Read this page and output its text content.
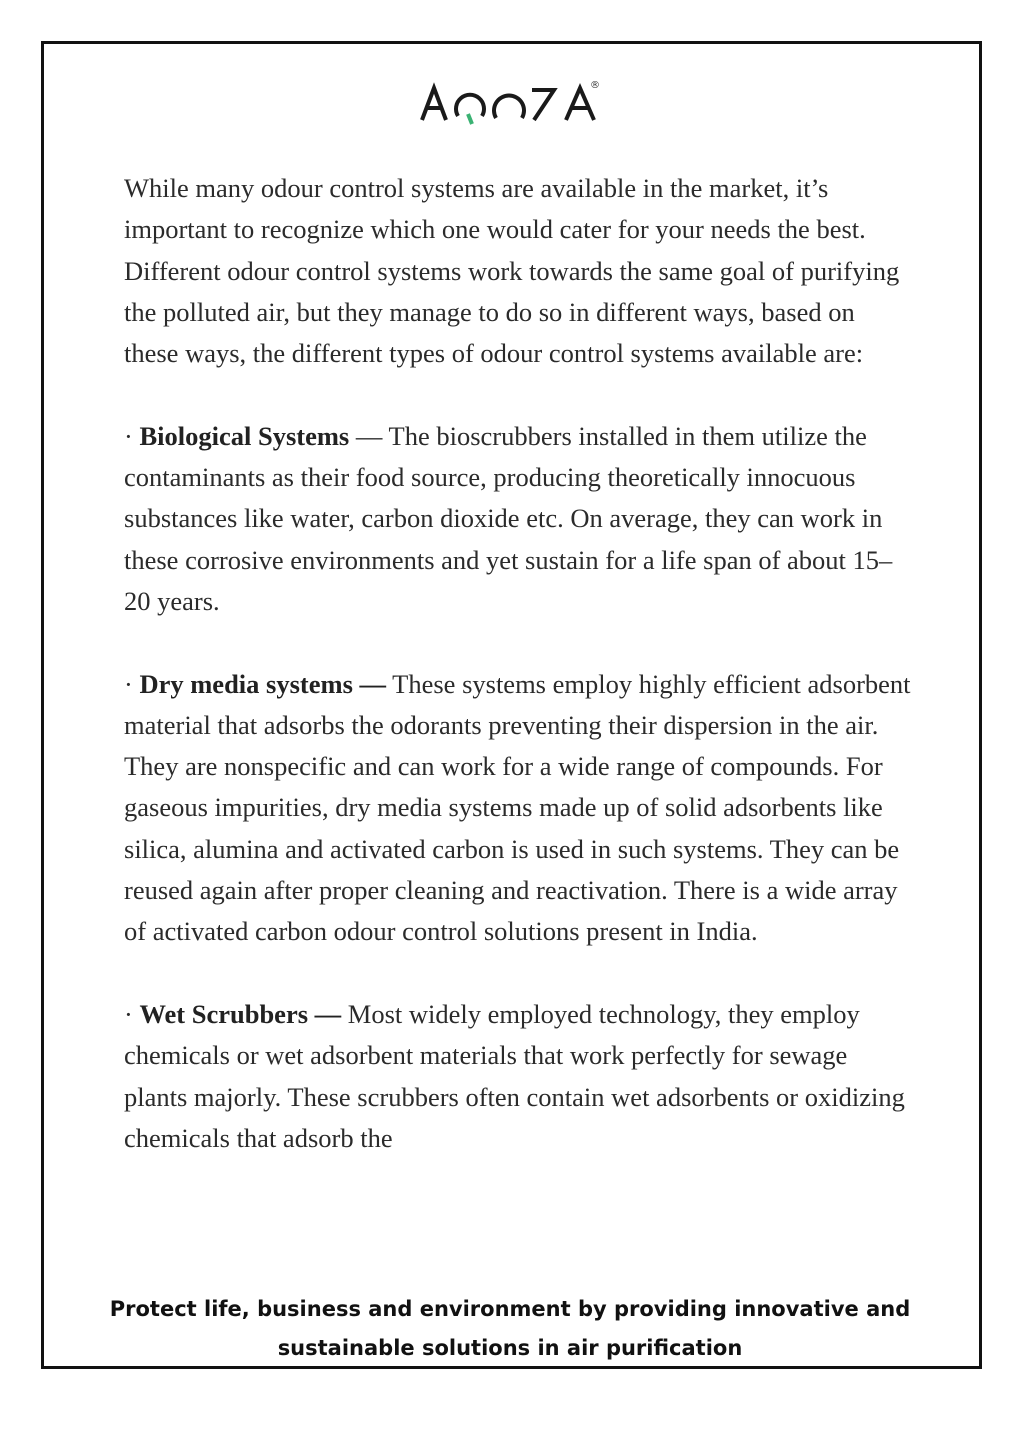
®

While many odour control systems are available in the market, it’s important to recognize which one would cater for your needs the best. Different odour control systems work towards the same goal of purifying the polluted air, but they manage to do so in different ways, based on these ways, the different types of odour control systems available are:

· Biological Systems — The bioscrubbers installed in them utilize the contaminants as their food source, producing theoretically innocuous substances like water, carbon dioxide etc. On average, they can work in these corrosive environments and yet sustain for a life span of about 15–20 years.

· Dry media systems — These systems employ highly efficient adsorbent material that adsorbs the odorants preventing their dispersion in the air. They are nonspecific and can work for a wide range of compounds. For gaseous impurities, dry media systems made up of solid adsorbents like silica, alumina and activated carbon is used in such systems. They can be reused again after proper cleaning and reactivation. There is a wide array of activated carbon odour control solutions present in India.

· Wet Scrubbers — Most widely employed technology, they employ chemicals or wet adsorbent materials that work perfectly for sewage plants majorly. These scrubbers often contain wet adsorbents or oxidizing chemicals that adsorb the

Protect life, business and environment by providing innovative and
sustainable solutions in air purification
